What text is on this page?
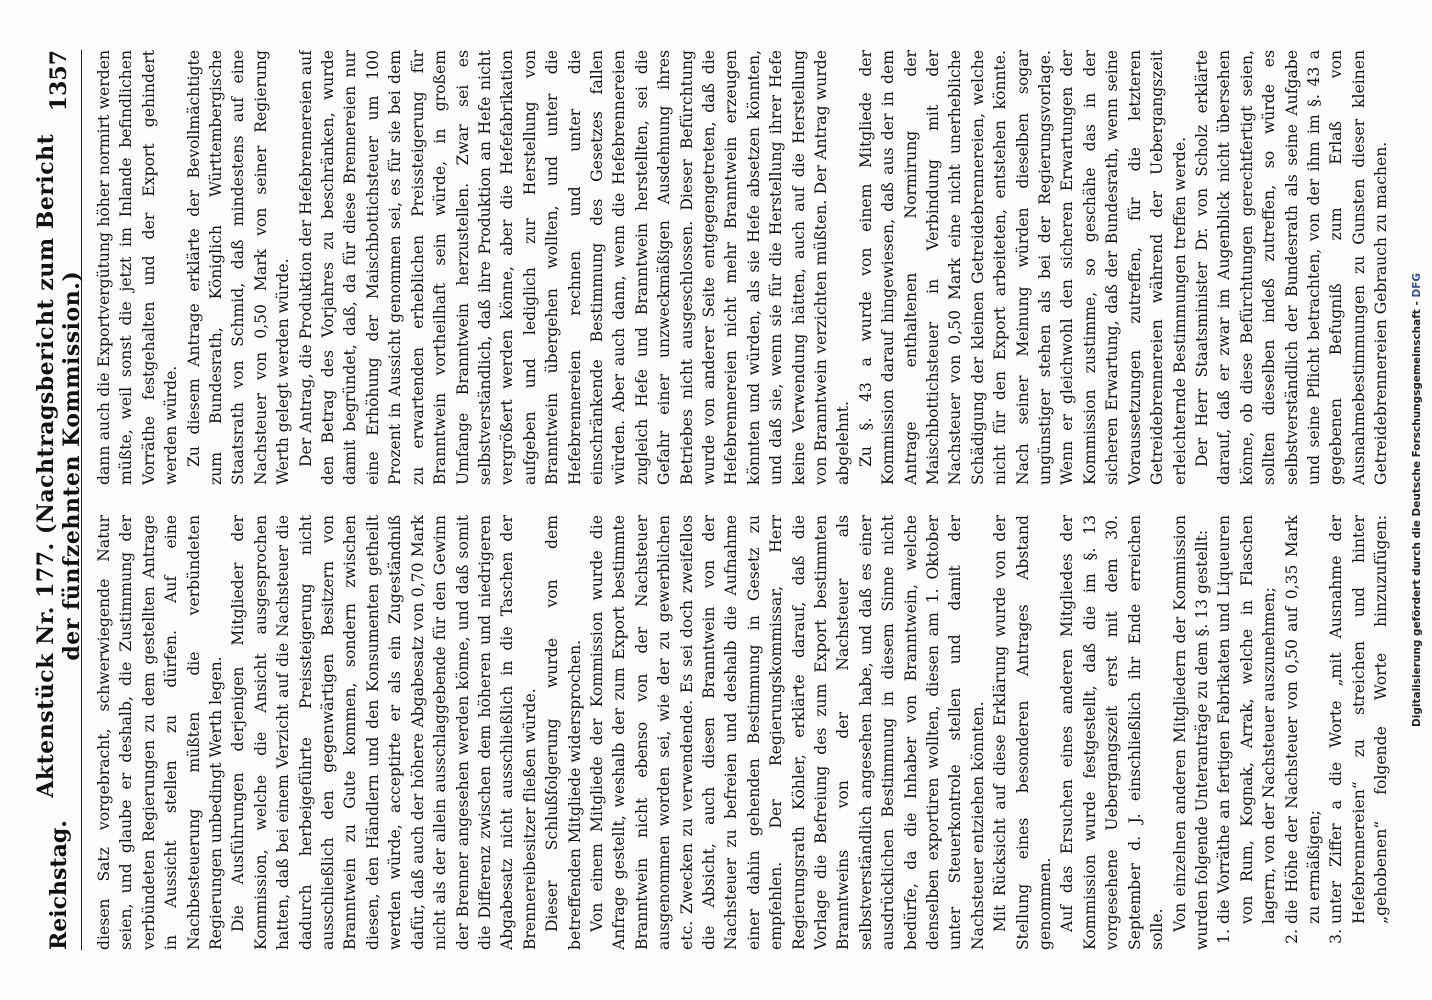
Reichstag.
Aktenstück Nr. 177. (Nachtragsbericht zum Bericht der fünfzehnten Kommission.)
1357

diesen Satz vorgebracht, schwerwiegende Natur seien, und glaube er deshalb, die Zustimmung der verbündeten Regierungen zu dem gestellten Antrage in Aussicht stellen zu dürfen. Auf eine Nachbesteuerung müßten die verbündeten Regierungen unbedingt Werth legen. Die Ausführungen derjenigen Mitglieder der Kommission, welche die Ansicht ausgesprochen hatten, daß bei einem Verzicht auf die Nachsteuer die dadurch herbeigeführte Preissteigerung nicht ausschließlich den gegenwärtigen Besitzern von Branntwein zu Gute kommen, sondern zwischen diesen, den Händlern und den Konsumenten getheilt werden würde, acceptirte er als ein Zugeständniß dafür, daß auch der höhere Abgabesatz von 0,70 Mark nicht als der allein ausschlaggebende für den Gewinn der Brenner angesehen werden könne, und daß somit die Differenz zwischen dem höheren und niedrigeren Abgabesatz nicht ausschließlich in die Taschen der Brennereibesitzer fließen würde. Dieser Schlußfolgerung wurde von dem betreffenden Mitgliede widersprochen. Von einem Mitgliede der Kommission wurde die Anfrage gestellt, weshalb der zum Export bestimmte Branntwein nicht ebenso von der Nachsteuer ausgenommen worden sei, wie der zu gewerblichen etc. Zwecken zu verwendende. Es sei doch zweifellos die Absicht, auch diesen Branntwein von der Nachsteuer zu befreien und deshalb die Aufnahme einer dahin gehenden Bestimmung in Gesetz zu empfehlen. Der Regierungskommissar, Herr Regierungsrath Köhler, erklärte darauf, daß die Vorlage die Befreiung des zum Export bestimmten Branntweins von der Nachsteuer als selbstverständlich angesehen habe, und daß es einer ausdrücklichen Bestimmung in diesem Sinne nicht bedürfe, da die Inhaber von Branntwein, welche denselben exportiren wollten, diesen am 1. Oktober unter Steuerkontrole stellen und damit der Nachsteuer entziehen könnten. Mit Rücksicht auf diese Erklärung wurde von der Stellung eines besonderen Antrages Abstand genommen. Auf das Ersuchen eines anderen Mitgliedes der Kommission wurde festgestellt, daß die im §. 13 vorgesehene Uebergangszeit erst mit dem 30. September d. J. einschließlich ihr Ende erreichen solle. Von einzelnen anderen Mitgliedern der Kommission wurden folgende Unteranträge zu dem §. 13 gestellt: 1. die Vorräthe an fertigen Fabrikaten und Liqueuren von Rum, Kognak, Arrak, welche in Flaschen lagern, von der Nachsteuer auszunehmen; 2. die Höhe der Nachsteuer von 0,50 auf 0,35 Mark zu ermäßigen; 3. unter Ziffer a die Worte „mit Ausnahme der Hefebrennereien“ zu streichen und hinter „gehobenen“ folgende Worte hinzuzufügen:

dann auch die Exportvergütung höher normirt werden müßte, weil sonst die jetzt im Inlande befindlichen Vorräthe festgehalten und der Export gehindert werden würde. Zu diesem Antrage erklärte der Bevollmächtigte zum Bundesrath, Königlich Württembergische Staatsrath von Schmid, daß mindestens auf eine Nachsteuer von 0,50 Mark von seiner Regierung Werth gelegt werden würde. Der Antrag, die Produktion der Hefebrennereien auf den Betrag des Vorjahres zu beschränken, wurde damit begründet, daß, da für diese Brennereien nur eine Erhöhung der Maischbottichsteuer um 100 Prozent in Aussicht genommen sei, es für sie bei dem zu erwartenden erheblichen Preissteigerung für Branntwein vortheilhaft sein würde, in großem Umfange Branntwein herzustellen. Zwar sei es selbstverständlich, daß ihre Produktion an Hefe nicht vergrößert werden könne, aber die Hefefabrikation aufgeben und lediglich zur Herstellung von Branntwein übergehen wollten, und unter die Hefebrennereien rechnen und unter die einschränkende Bestimmung des Gesetzes fallen würden. Aber auch dann, wenn die Hefebrennereien zugleich Hefe und Branntwein herstellten, sei die Gefahr einer unzweckmäßigen Ausdehnung ihres Betriebes nicht ausgeschlossen. Dieser Befürchtung wurde von anderer Seite entgegengetreten, daß die Hefebrennereien nicht mehr Branntwein erzeugen könnten und würden, als sie Hefe absetzen könnten, und daß sie, wenn sie für die Herstellung ihrer Hefe keine Verwendung hätten, auch auf die Herstellung von Branntwein verzichten müßten. Der Antrag wurde abgelehnt. Zu §. 43 a wurde von einem Mitgliede der Kommission darauf hingewiesen, daß aus der in dem Antrage enthaltenen Normirung der Maischbottichsteuer in Verbindung mit der Nachsteuer von 0,50 Mark eine nicht unerhebliche Schädigung der kleinen Getreidebrennereien, welche nicht für den Export arbeiteten, entstehen könnte. Nach seiner Meinung würden dieselben sogar ungünstiger stehen als bei der Regierungsvorlage. Wenn er gleichwohl den sicheren Erwartungen der Kommission zustimme, so geschähe das in der sicheren Erwartung, daß der Bundesrath, wenn seine Voraussetzungen zutreffen, für die letzteren Getreidebrennereien während der Uebergangszeit erleichternde Bestimmungen treffen werde. Der Herr Staatsminister Dr. von Scholz erklärte darauf, daß er zwar im Augenblick nicht übersehen könne, ob diese Befürchtungen gerechtfertigt seien, sollten dieselben indeß zutreffen, so würde es selbstverständlich der Bundesrath als seine Aufgabe und seine Pflicht betrachten, von der ihm im §. 43 a gegebenen Befugniß zum Erlaß von Ausnahmebestimmungen zu Gunsten dieser kleinen Getreidebrennereien Gebrauch zu machen. Digitalisierung gefördert durch die Deutsche Forschungsgemeinschaft - DFG
